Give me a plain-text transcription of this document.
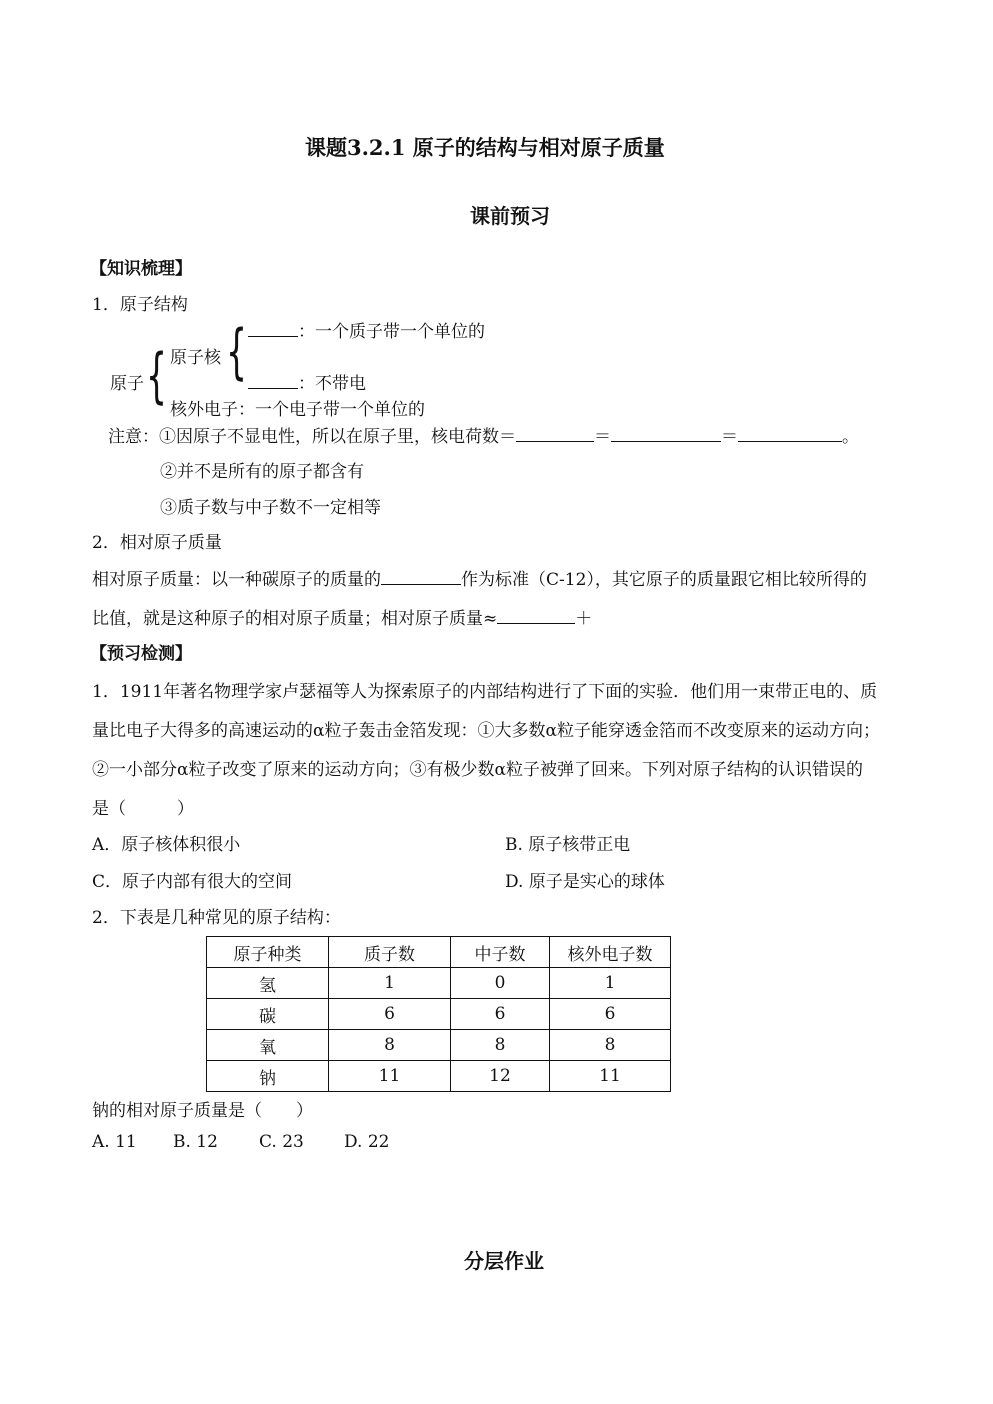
课题3.2.1 原子的结构与相对原子质量
课前预习
【知识梳理】
1．原子结构
原子 { 原子核 {	：一个质子带一个单位的
：不带电
核外电子：一个电子带一个单位的
注意：①因原子不显电性，所以在原子里，核电荷数＝	＝	＝	。
②并不是所有的原子都含有
③质子数与中子数不一定相等
2．相对原子质量
相对原子质量：以一种碳原子的质量的	作为标准（C-12），其它原子的质量跟它相比较所得的
比值，就是这种原子的相对原子质量；相对原子质量≈	＋
【预习检测】
1．1911年著名物理学家卢瑟福等人为探索原子的内部结构进行了下面的实验．他们用一束带正电的、质
量比电子大得多的高速运动的α粒子轰击金箔发现：①大多数α粒子能穿透金箔而不改变原来的运动方向；
②一小部分α粒子改变了原来的运动方向；③有极少数α粒子被弹了回来。下列对原子结构的认识错误的
是（　　　）
A．原子核体积很小	B. 原子核带正电
C．原子内部有很大的空间	D. 原子是实心的球体
2．下表是几种常见的原子结构：
原子种类	质子数	中子数	核外电子数
氢	1	0	1
碳	6	6	6
氧	8	8	8
钠	11	12	11
钠的相对原子质量是（　　）
A. 11 B. 12 C. 23 D. 22
分层作业
